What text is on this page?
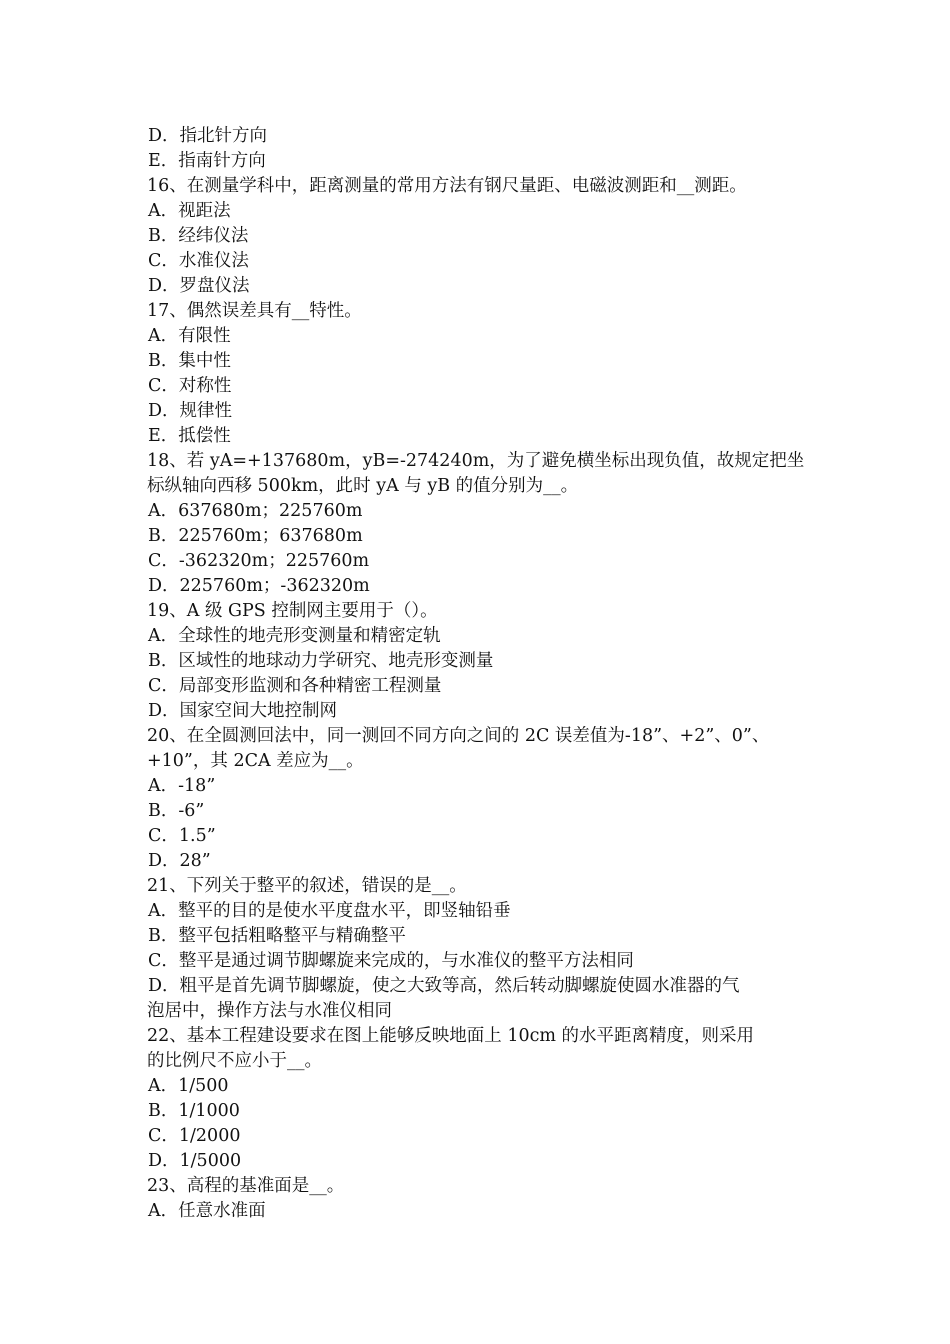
D．指北针方向
E．指南针方向
16、在测量学科中，距离测量的常用方法有钢尺量距、电磁波测距和__测距。
A．视距法
B．经纬仪法
C．水准仪法
D．罗盘仪法
17、偶然误差具有__特性。
A．有限性
B．集中性
C．对称性
D．规律性
E．抵偿性
18、若 yA=+137680m，yB=-274240m，为了避免横坐标出现负值，故规定把坐
标纵轴向西移 500km，此时 yA 与 yB 的值分别为__。
A．637680m；225760m
B．225760m；637680m
C．-362320m；225760m
D．225760m；-362320m
19、A 级 GPS 控制网主要用于（）。
A．全球性的地壳形变测量和精密定轨
B．区域性的地球动力学研究、地壳形变测量
C．局部变形监测和各种精密工程测量
D．国家空间大地控制网
20、在全圆测回法中，同一测回不同方向之间的 2C 误差值为-18”、+2”、0”、
+10”，其 2CA 差应为__。
A．-18”
B．-6”
C．1.5”
D．28”
21、下列关于整平的叙述，错误的是__。
A．整平的目的是使水平度盘水平，即竖轴铅垂
B．整平包括粗略整平与精确整平
C．整平是通过调节脚螺旋来完成的，与水准仪的整平方法相同
D．粗平是首先调节脚螺旋，使之大致等高，然后转动脚螺旋使圆水准器的气
泡居中，操作方法与水准仪相同
22、基本工程建设要求在图上能够反映地面上 10cm 的水平距离精度，则采用
的比例尺不应小于__。
A．1/500
B．1/1000
C．1/2000
D．1/5000
23、高程的基准面是__。
A．任意水准面
